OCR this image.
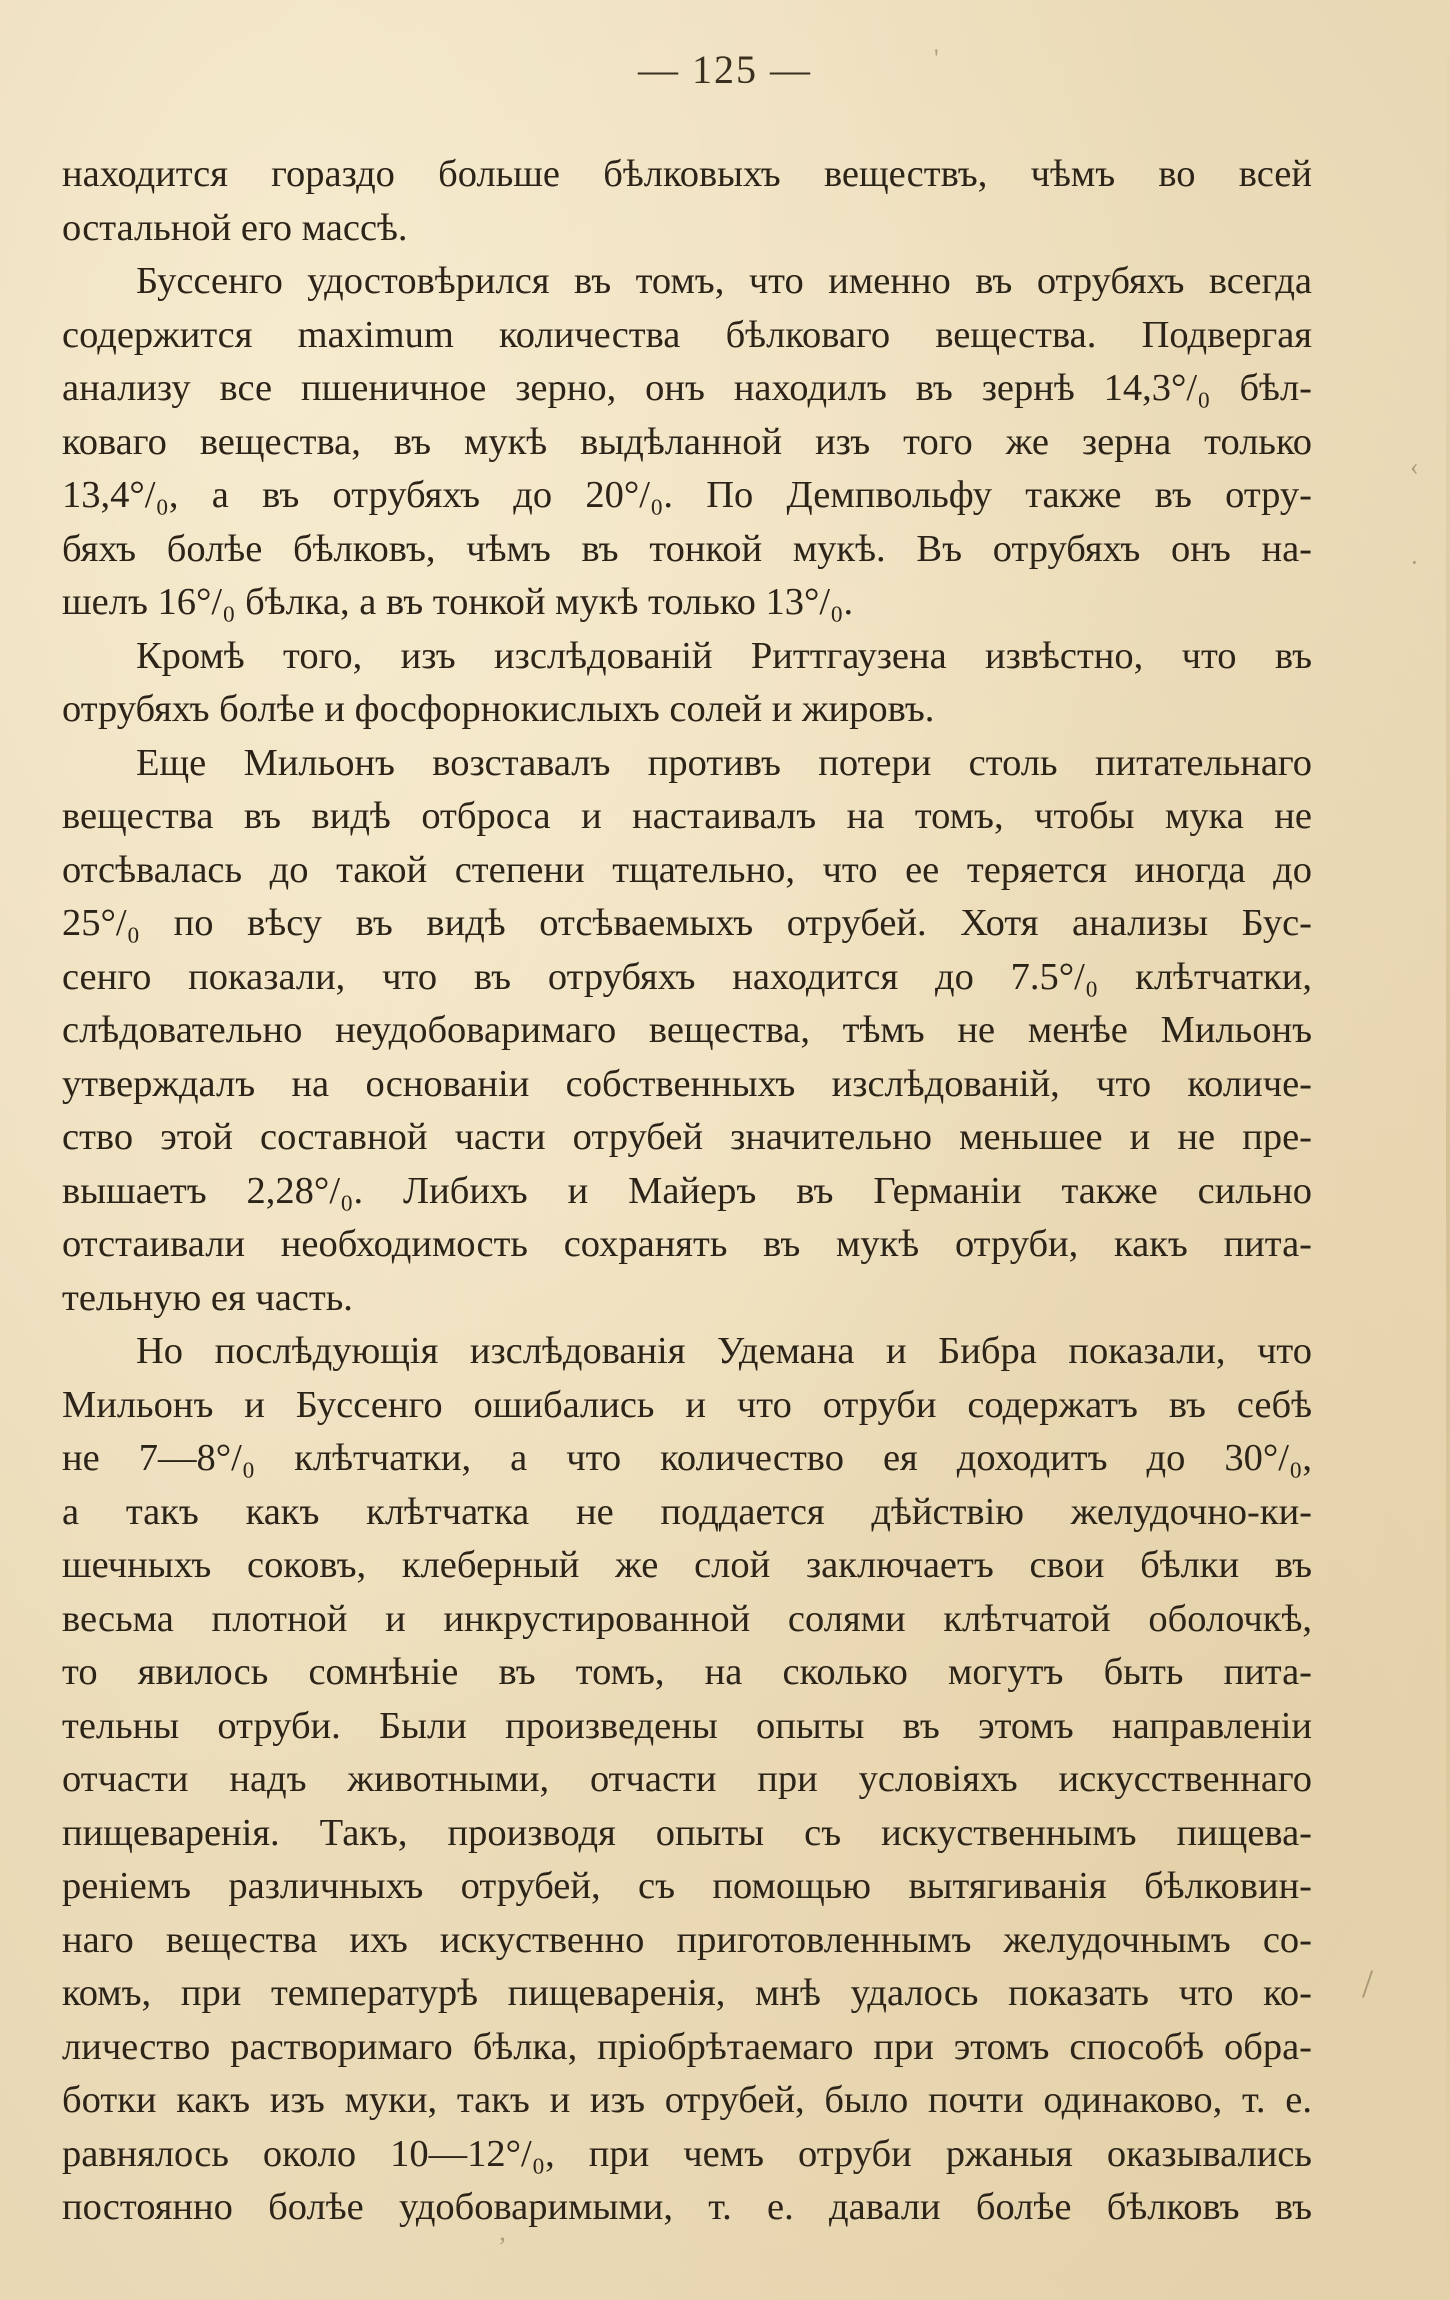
— 125 —	'
‹
·
/
ʼ
находится гораздо больше бѣлковыхъ веществъ, чѣмъ во всей
остальной его массѣ.
Буссенго удостовѣрился въ томъ, что именно въ отрубяхъ всегда
содержится maximum количества бѣлковаго вещества. Подвергая
анализу все пшеничное зерно, онъ находилъ въ зернѣ 14,3°/₀ бѣл-
коваго вещества, въ мукѣ выдѣланной изъ того же зерна только
13,4°/₀, а въ отрубяхъ до 20°/₀. По Демпвольфу также въ отру-
бяхъ болѣе бѣлковъ, чѣмъ въ тонкой мукѣ. Въ отрубяхъ онъ на-
шелъ 16°/₀ бѣлка, а въ тонкой мукѣ только 13°/₀.
Кромѣ того, изъ изслѣдованій Риттгаузена извѣстно, что въ
отрубяхъ болѣе и фосфорнокислыхъ солей и жировъ.
Еще Мильонъ возставалъ противъ потери столь питательнаго
вещества въ видѣ отброса и настаивалъ на томъ, чтобы мука не
отсѣвалась до такой степени тщательно, что ее теряется иногда до
25°/₀ по вѣсу въ видѣ отсѣваемыхъ отрубей. Хотя анализы Бус-
сенго показали, что въ отрубяхъ находится до 7.5°/₀ клѣтчатки,
слѣдовательно неудобоваримаго вещества, тѣмъ не менѣе Мильонъ
утверждалъ на основаніи собственныхъ изслѣдованій, что количе-
ство этой составной части отрубей значительно меньшее и не пре-
вышаетъ 2,28°/₀. Либихъ и Майеръ въ Германіи также сильно
отстаивали необходимость сохранять въ мукѣ отруби, какъ пита-
тельную ея часть.
Но послѣдующія изслѣдованія Удемана и Бибра показали, что
Мильонъ и Буссенго ошибались и что отруби содержатъ въ себѣ
не 7—8°/₀ клѣтчатки, а что количество ея доходитъ до 30°/₀,
а такъ какъ клѣтчатка не поддается дѣйствію желудочно-ки-
шечныхъ соковъ, клеберный же слой заключаетъ свои бѣлки въ
весьма плотной и инкрустированной солями клѣтчатой оболочкѣ,
то явилось сомнѣніе въ томъ, на сколько могутъ быть пита-
тельны отруби. Были произведены опыты въ этомъ направленіи
отчасти надъ животными, отчасти при условіяхъ искусственнаго
пищеваренія. Такъ, производя опыты съ искуственнымъ пищева-
реніемъ различныхъ отрубей, съ помощью вытягиванія бѣлковин-
наго вещества ихъ искуственно приготовленнымъ желудочнымъ со-
комъ, при температурѣ пищеваренія, мнѣ удалось показать что ко-
личество растворимаго бѣлка, пріобрѣтаемаго при этомъ способѣ обра-
ботки какъ изъ муки, такъ и изъ отрубей, было почти одинаково, т. е.
равнялось около 10—12°/₀, при чемъ отруби ржаныя оказывались
постоянно болѣе удобоваримыми, т. е. давали болѣе бѣлковъ въ
